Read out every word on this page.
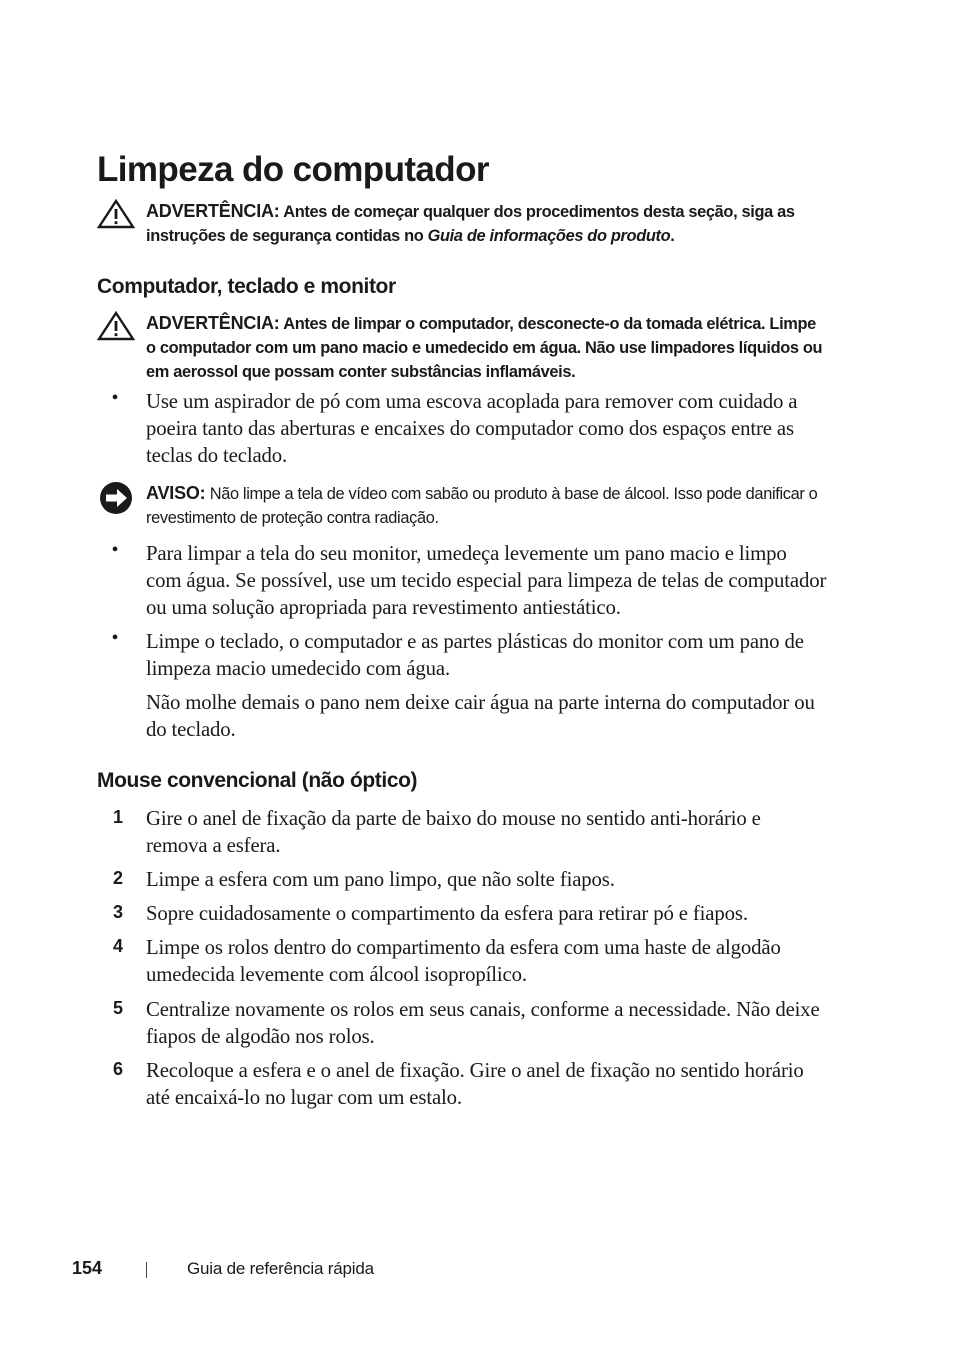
Limpeza do computador
ADVERTÊNCIA: Antes de começar qualquer dos procedimentos desta seção, siga as instruções de segurança contidas no Guia de informações do produto.
Computador, teclado e monitor
ADVERTÊNCIA: Antes de limpar o computador, desconecte-o da tomada elétrica. Limpe o computador com um pano macio e umedecido em água. Não use limpadores líquidos ou em aerossol que possam conter substâncias inflamáveis.
•	Use um aspirador de pó com uma escova acoplada para remover com cuidado a poeira tanto das aberturas e encaixes do computador como dos espaços entre as teclas do teclado.
AVISO: Não limpe a tela de vídeo com sabão ou produto à base de álcool. Isso pode danificar o revestimento de proteção contra radiação.
•	Para limpar a tela do seu monitor, umedeça levemente um pano macio e limpo com água. Se possível, use um tecido especial para limpeza de telas de computador ou uma solução apropriada para revestimento antiestático.
•	Limpe o teclado, o computador e as partes plásticas do monitor com um pano de limpeza macio umedecido com água.
Não molhe demais o pano nem deixe cair água na parte interna do computador ou do teclado.
Mouse convencional (não óptico)
1	Gire o anel de fixação da parte de baixo do mouse no sentido anti-horário e remova a esfera.
2	Limpe a esfera com um pano limpo, que não solte fiapos.
3	Sopre cuidadosamente o compartimento da esfera para retirar pó e fiapos.
4	Limpe os rolos dentro do compartimento da esfera com uma haste de algodão umedecida levemente com álcool isopropílico.
5	Centralize novamente os rolos em seus canais, conforme a necessidade. Não deixe fiapos de algodão nos rolos.
6	Recoloque a esfera e o anel de fixação. Gire o anel de fixação no sentido horário até encaixá-lo no lugar com um estalo.
154	Guia de referência rápida
